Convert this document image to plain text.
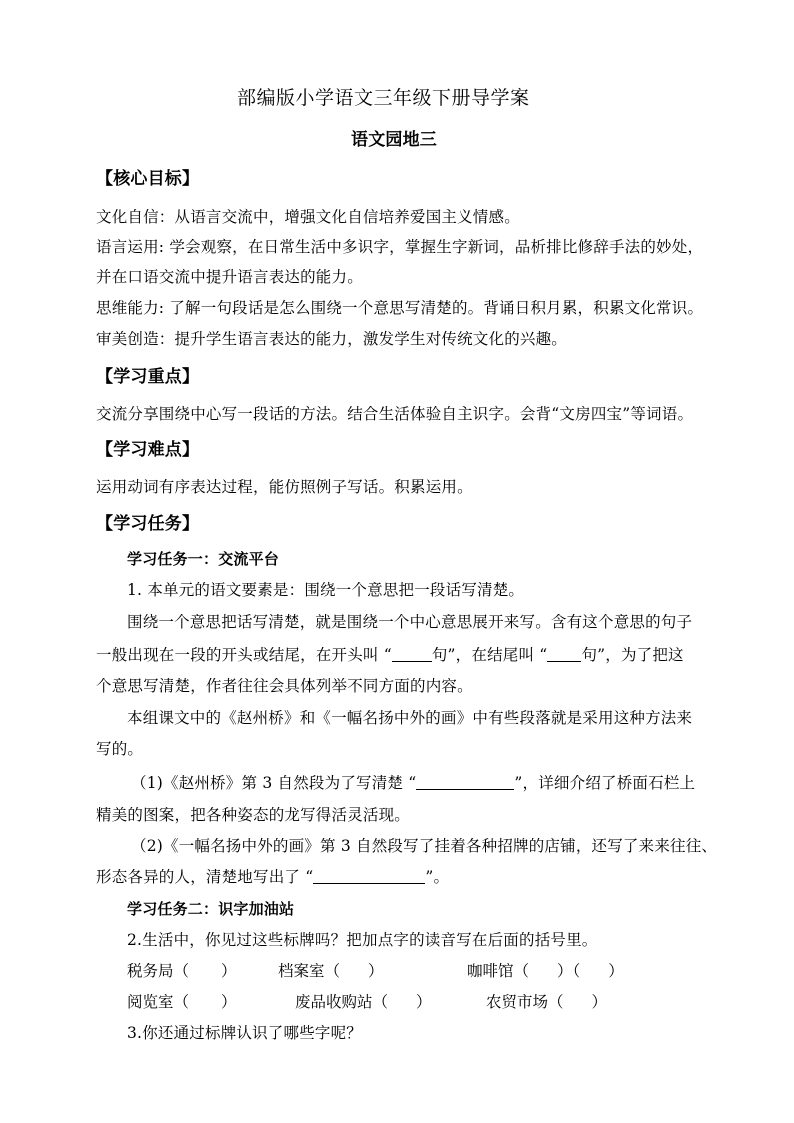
部编版小学语文三年级下册导学案
语文园地三
【核心目标】
文化自信：从语言交流中，增强文化自信培养爱国主义情感。
语言运用: 学会观察，在日常生活中多识字，掌握生字新词，品析排比修辞手法的妙处，
并在口语交流中提升语言表达的能力。
思维能力: 了解一句段话是怎么围绕一个意思写清楚的。背诵日积月累，积累文化常识。
审美创造：提升学生语言表达的能力，激发学生对传统文化的兴趣。
【学习重点】
交流分享围绕中心写一段话的方法。结合生活体验自主识字。会背“文房四宝”等词语。
【学习难点】
运用动词有序表达过程，能仿照例子写话。积累运用。
【学习任务】
学习任务一：交流平台
1. 本单元的语文要素是：围绕一个意思把一段话写清楚。
围绕一个意思把话写清楚，就是围绕一个中心意思展开来写。含有这个意思的句子
一般出现在一段的开头或结尾，在开头叫 “	句”，在结尾叫 “ 句”，为了把这
个意思写清楚，作者往往会具体列举不同方面的内容。
本组课文中的《赵州桥》和《一幅名扬中外的画》中有些段落就是采用这种方法来
写的。
（1)《赵州桥》第 3 自然段为了写清楚 “	”，详细介绍了桥面石栏上
精美的图案，把各种姿态的龙写得活灵活现。
（2)《一幅名扬中外的画》第 3 自然段写了挂着各种招牌的店铺，还写了来来往往、
形态各异的人，清楚地写出了 “	”。
学习任务二：识字加油站
2.生活中，你见过这些标牌吗？把加点字的读音写在后面的括号里。
税务局（ ）	档案室（ ）	咖啡馆（ ）（ ）
阅览室（ ）	废品收购站（ ）	农贸市场（ ）
3.你还通过标牌认识了哪些字呢？
